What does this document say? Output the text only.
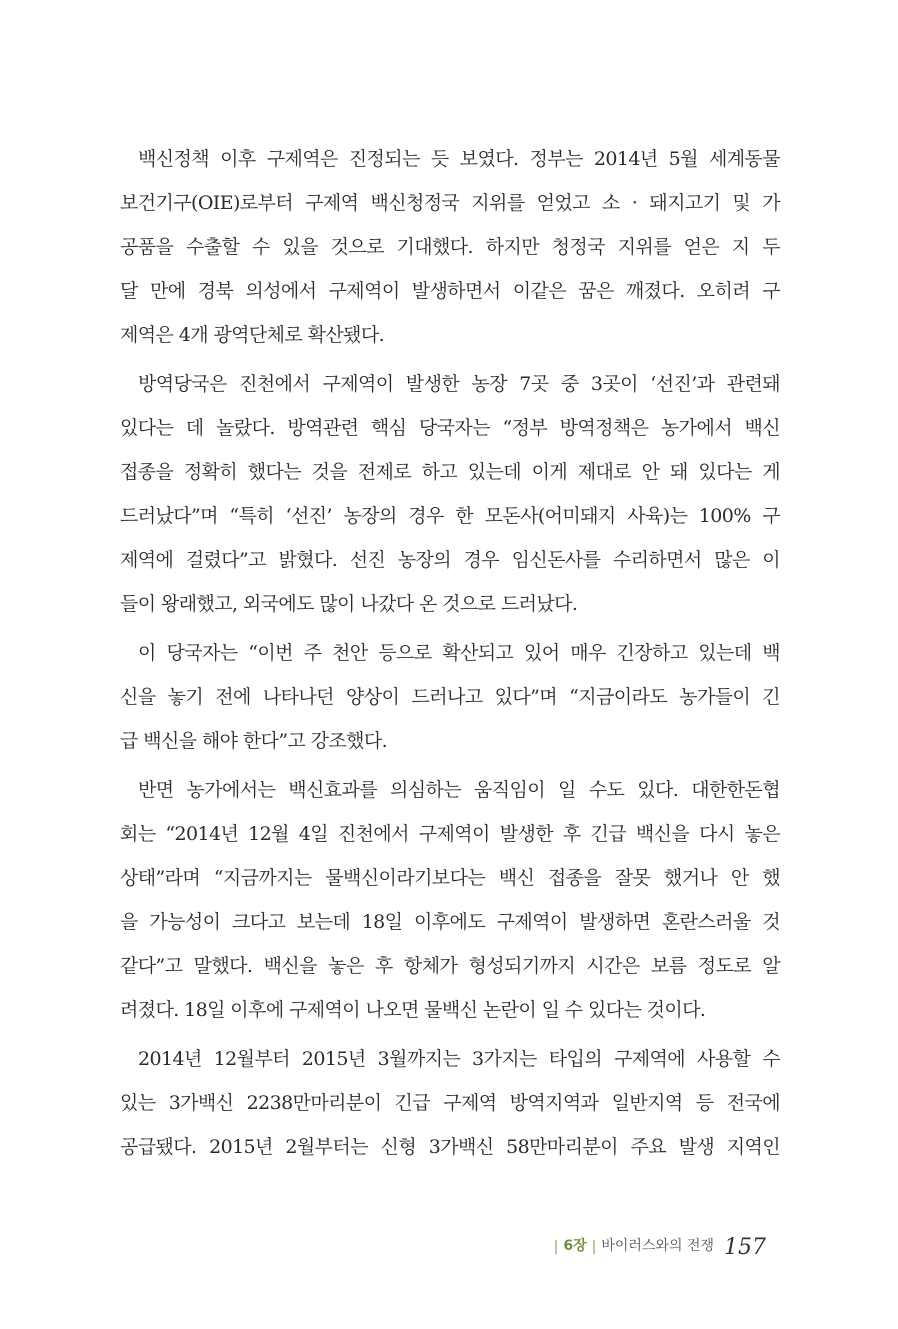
백신정책 이후 구제역은 진정되는 듯 보였다. 정부는 2014년 5월 세계동물
보건기구(OIE)로부터 구제역 백신청정국 지위를 얻었고 소 · 돼지고기 및 가
공품을 수출할 수 있을 것으로 기대했다. 하지만 청정국 지위를 얻은 지 두
달 만에 경북 의성에서 구제역이 발생하면서 이같은 꿈은 깨졌다. 오히려 구
제역은 4개 광역단체로 확산됐다.

방역당국은 진천에서 구제역이 발생한 농장 7곳 중 3곳이 ‘선진’과 관련돼
있다는 데 놀랐다. 방역관련 핵심 당국자는 “정부 방역정책은 농가에서 백신
접종을 정확히 했다는 것을 전제로 하고 있는데 이게 제대로 안 돼 있다는 게
드러났다”며 “특히 ‘선진’ 농장의 경우 한 모돈사(어미돼지 사육)는 100% 구
제역에 걸렸다”고 밝혔다. 선진 농장의 경우 임신돈사를 수리하면서 많은 이
들이 왕래했고, 외국에도 많이 나갔다 온 것으로 드러났다.

이 당국자는 “이번 주 천안 등으로 확산되고 있어 매우 긴장하고 있는데 백
신을 놓기 전에 나타나던 양상이 드러나고 있다”며 “지금이라도 농가들이 긴
급 백신을 해야 한다”고 강조했다.

반면 농가에서는 백신효과를 의심하는 움직임이 일 수도 있다. 대한한돈협
회는 “2014년 12월 4일 진천에서 구제역이 발생한 후 긴급 백신을 다시 놓은
상태”라며 “지금까지는 물백신이라기보다는 백신 접종을 잘못 했거나 안 했
을 가능성이 크다고 보는데 18일 이후에도 구제역이 발생하면 혼란스러울 것
같다”고 말했다. 백신을 놓은 후 항체가 형성되기까지 시간은 보름 정도로 알
려졌다. 18일 이후에 구제역이 나오면 물백신 논란이 일 수 있다는 것이다.

2014년 12월부터 2015년 3월까지는 3가지는 타입의 구제역에 사용할 수
있는 3가백신 2238만마리분이 긴급 구제역 방역지역과 일반지역 등 전국에
공급됐다. 2015년 2월부터는 신형 3가백신 58만마리분이 주요 발생 지역인

| 6장 | 바이러스와의 전쟁 157
